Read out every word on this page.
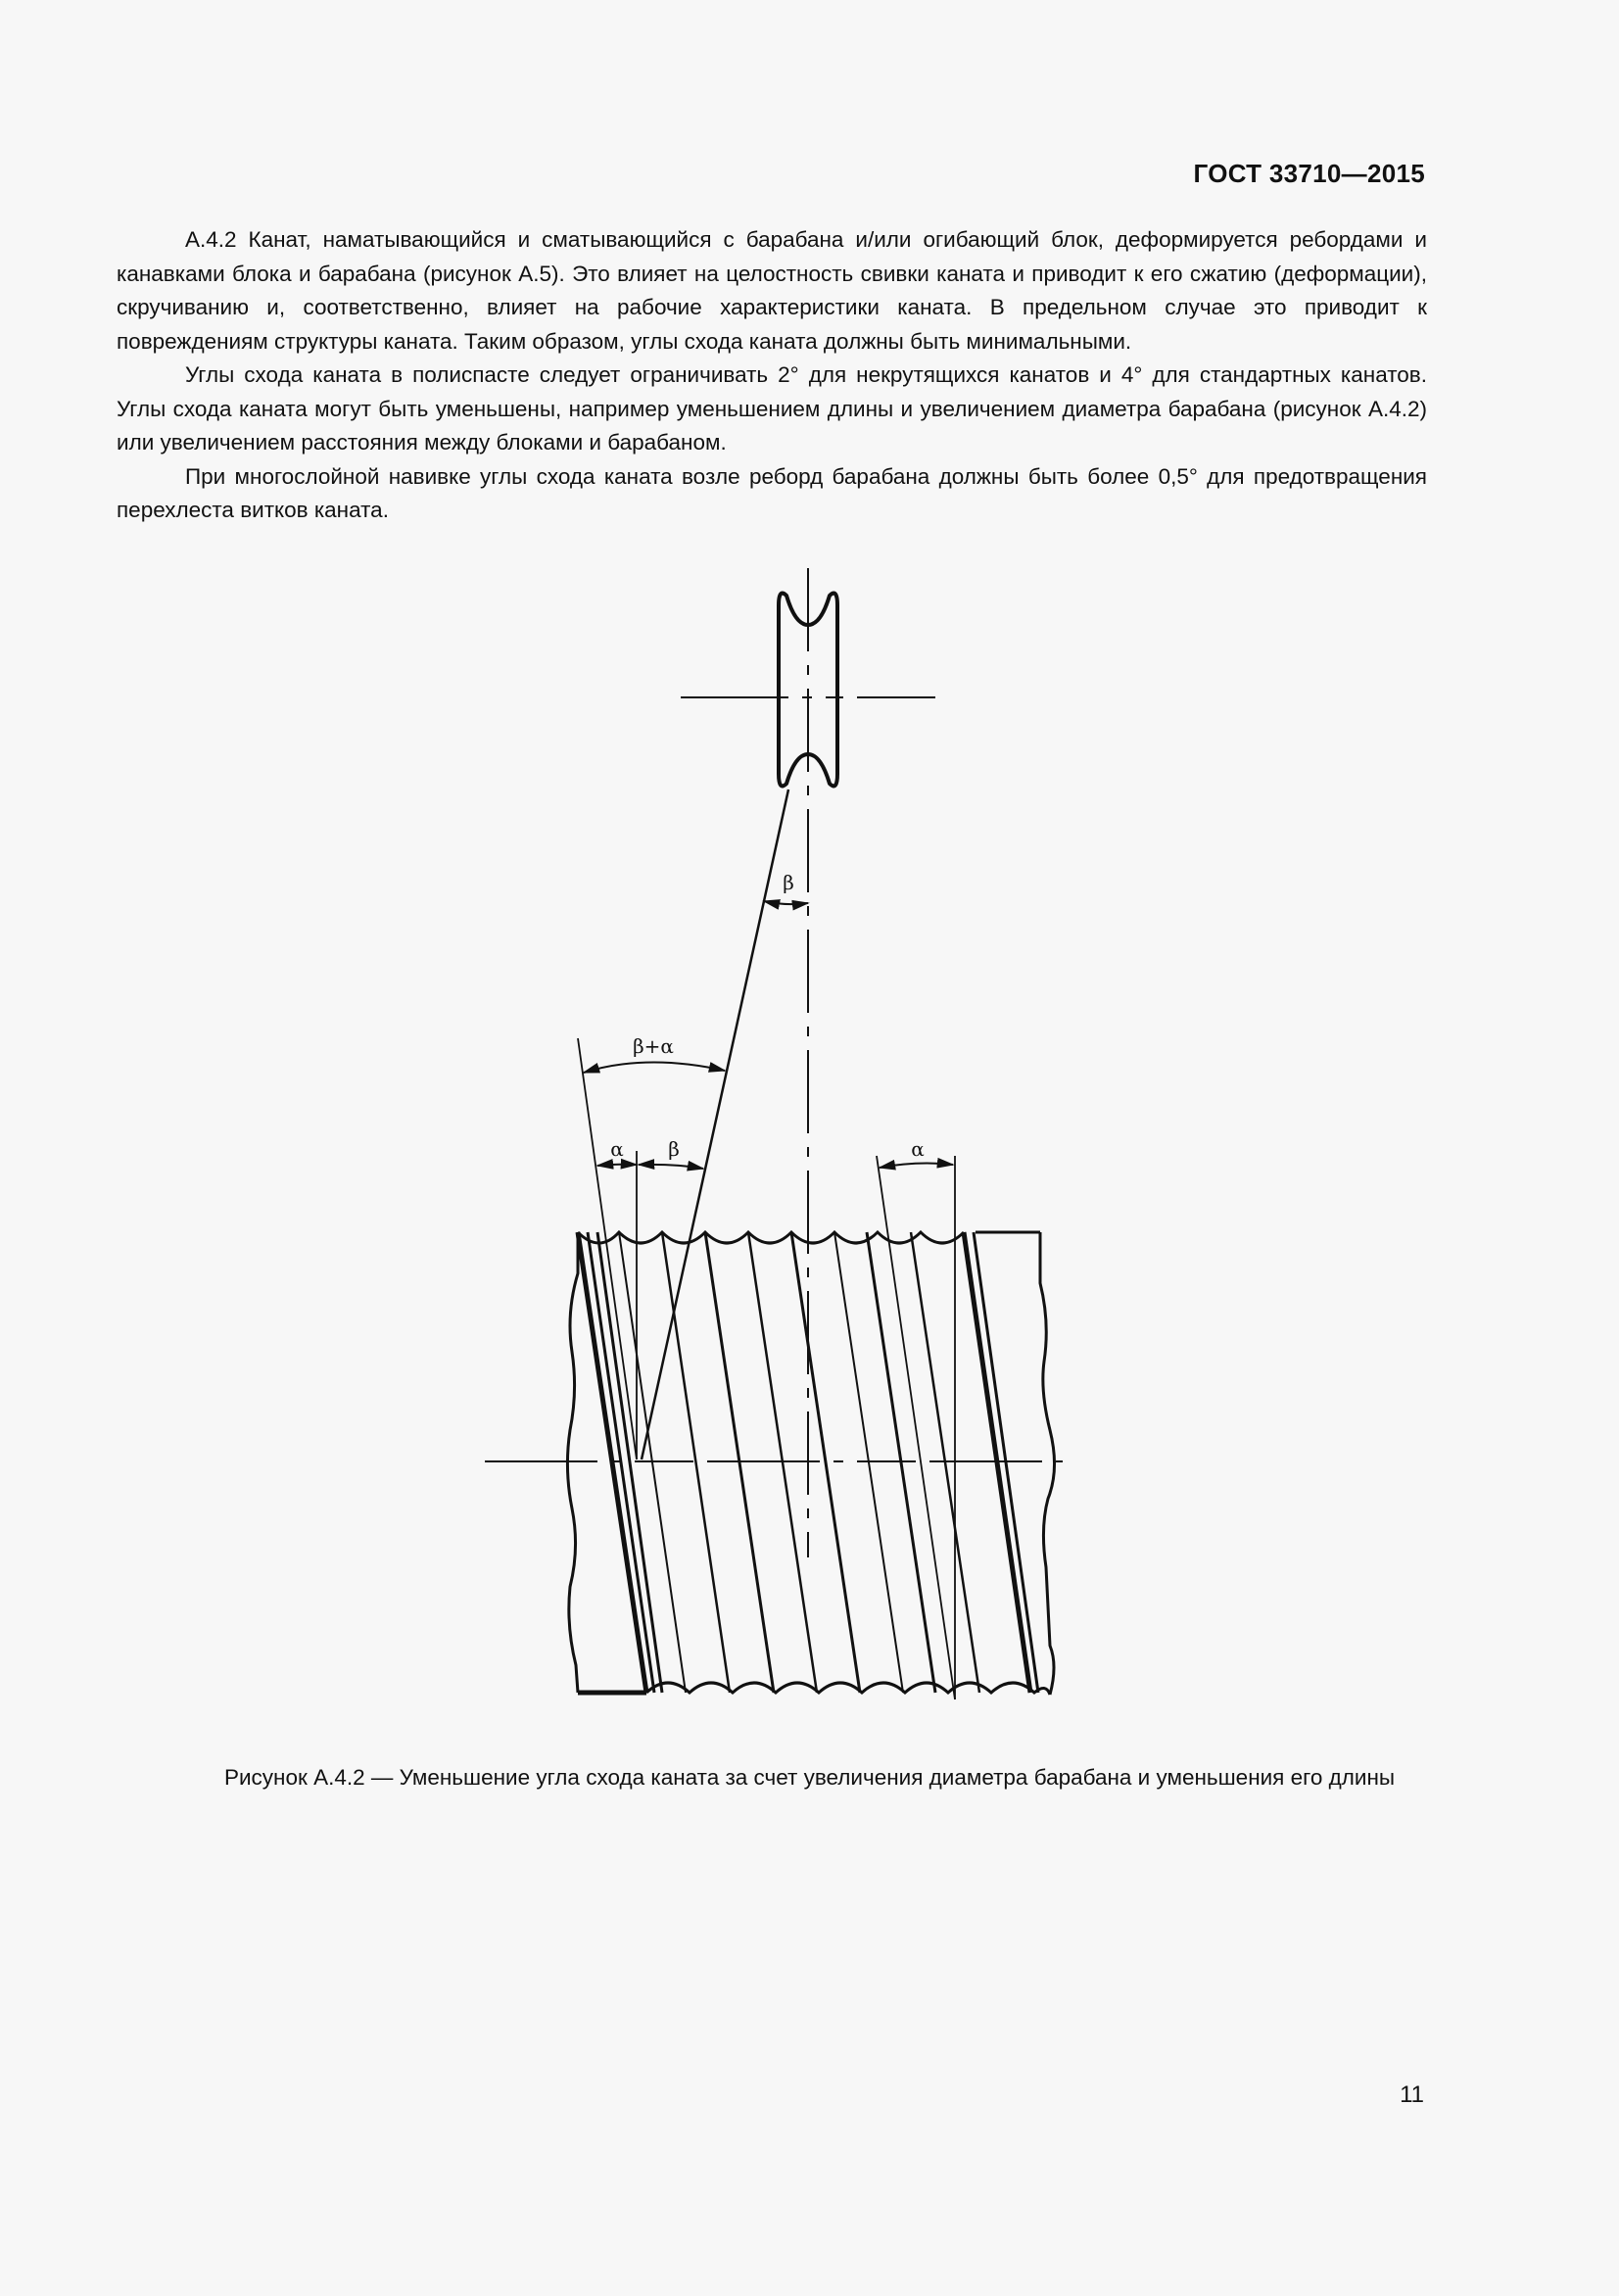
ГОСТ 33710—2015

А.4.2 Канат, наматывающийся и сматывающийся с барабана и/или огибающий блок, деформируется ребордами и канавками блока и барабана (рисунок А.5). Это влияет на целостность свивки каната и приводит к его сжатию (деформации), скручиванию и, соответственно, влияет на рабочие характеристики каната. В предельном случае это приводит к повреждениям структуры каната. Таким образом, углы схода каната должны быть минимальными.

Углы схода каната в полиспасте следует ограничивать 2° для некрутящихся канатов и 4° для стандартных канатов. Углы схода каната могут быть уменьшены, например уменьшением длины и увеличением диаметра барабана (рисунок А.4.2) или увеличением расстояния между блоками и барабаном.

При многослойной навивке углы схода каната возле реборд барабана должны быть более 0,5° для предотвращения перехлеста витков каната.

β
β+α
α β	α
Рисунок А.4.2 — Уменьшение угла схода каната за счет увеличения диаметра барабана и уменьшения его длины
11
